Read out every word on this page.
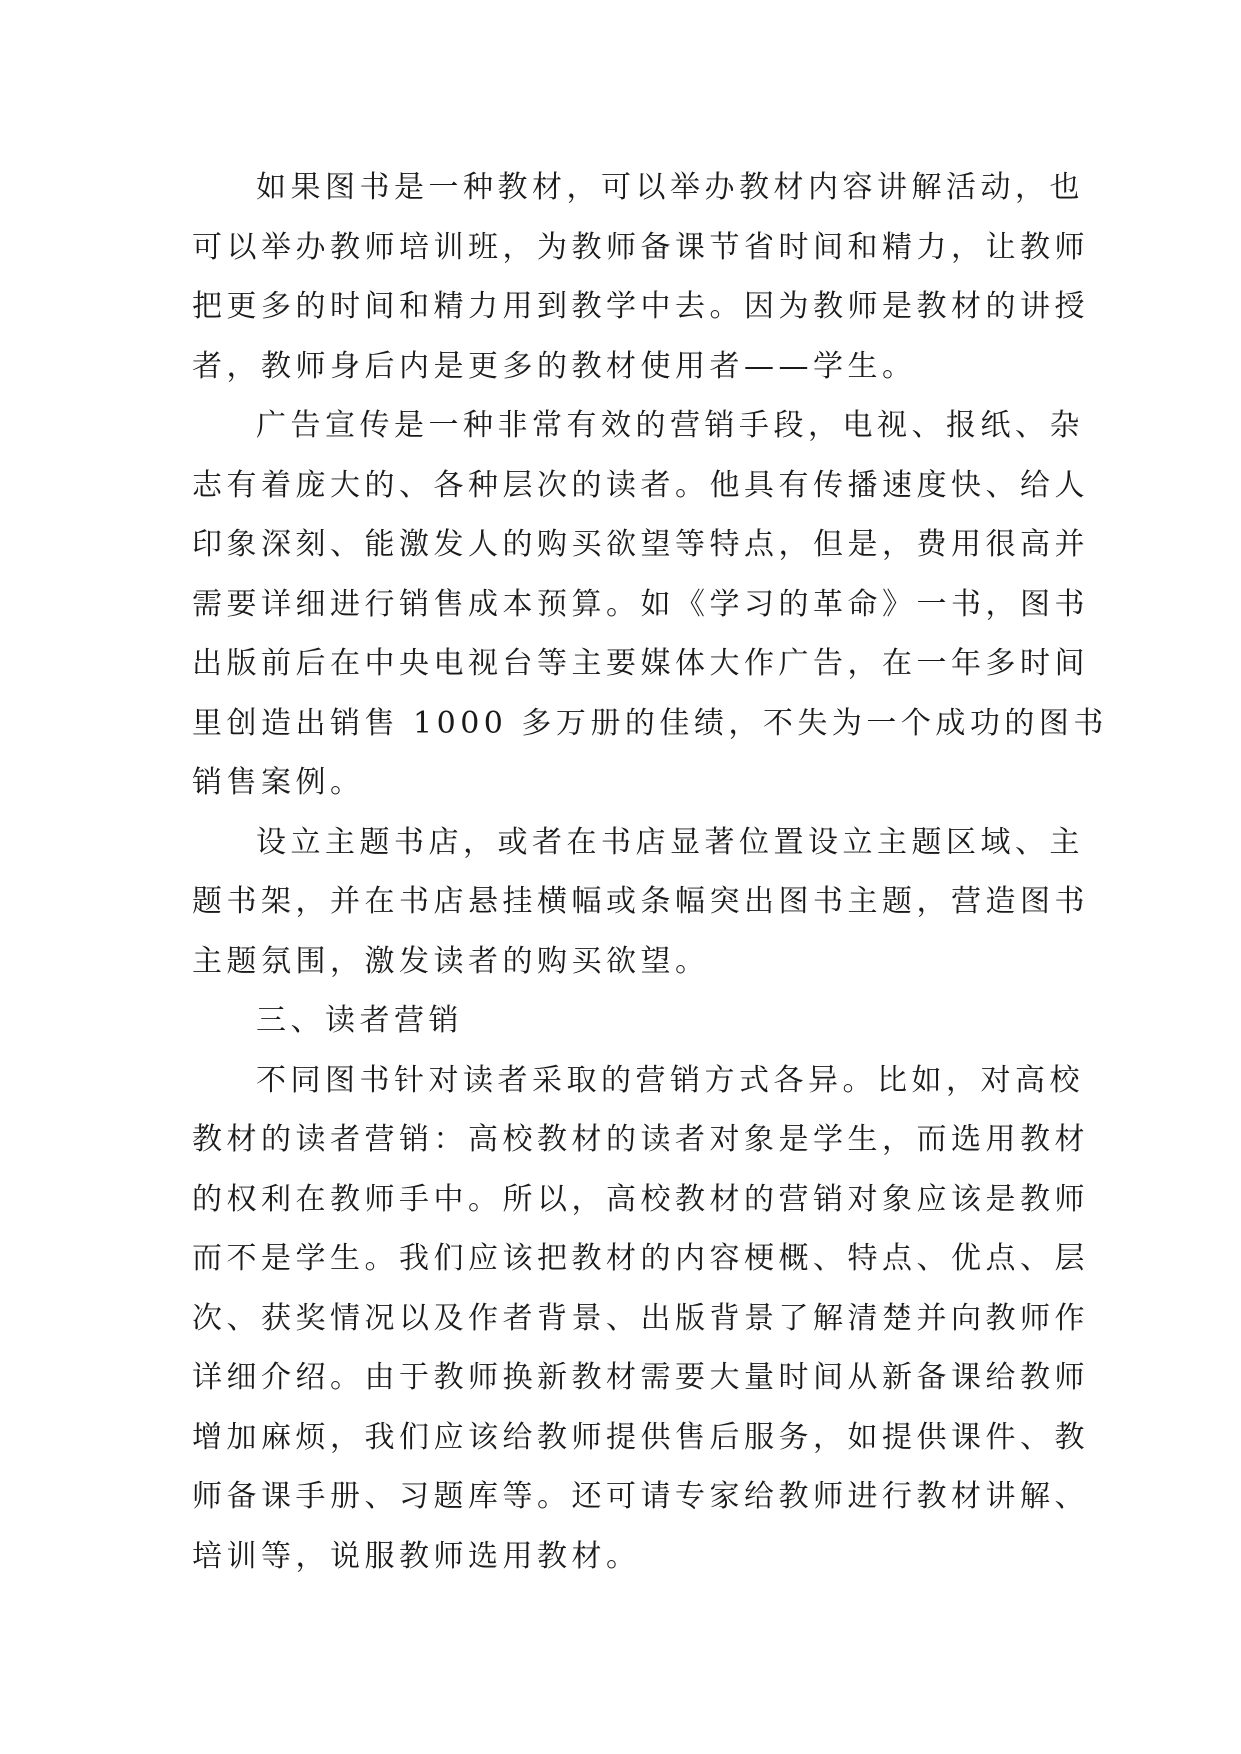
如果图书是一种教材，可以举办教材内容讲解活动，也
可以举办教师培训班，为教师备课节省时间和精力，让教师
把更多的时间和精力用到教学中去。因为教师是教材的讲授
者，教师身后内是更多的教材使用者——学生。
广告宣传是一种非常有效的营销手段，电视、报纸、杂
志有着庞大的、各种层次的读者。他具有传播速度快、给人
印象深刻、能激发人的购买欲望等特点，但是，费用很高并
需要详细进行销售成本预算。如《学习的革命》一书，图书
出版前后在中央电视台等主要媒体大作广告，在一年多时间
里创造出销售 1000 多万册的佳绩，不失为一个成功的图书
销售案例。
设立主题书店，或者在书店显著位置设立主题区域、主
题书架，并在书店悬挂横幅或条幅突出图书主题，营造图书
主题氛围，激发读者的购买欲望。
三、读者营销
不同图书针对读者采取的营销方式各异。比如，对高校
教材的读者营销：高校教材的读者对象是学生，而选用教材
的权利在教师手中。所以，高校教材的营销对象应该是教师
而不是学生。我们应该把教材的内容梗概、特点、优点、层
次、获奖情况以及作者背景、出版背景了解清楚并向教师作
详细介绍。由于教师换新教材需要大量时间从新备课给教师
增加麻烦，我们应该给教师提供售后服务，如提供课件、教
师备课手册、习题库等。还可请专家给教师进行教材讲解、
培训等，说服教师选用教材。
